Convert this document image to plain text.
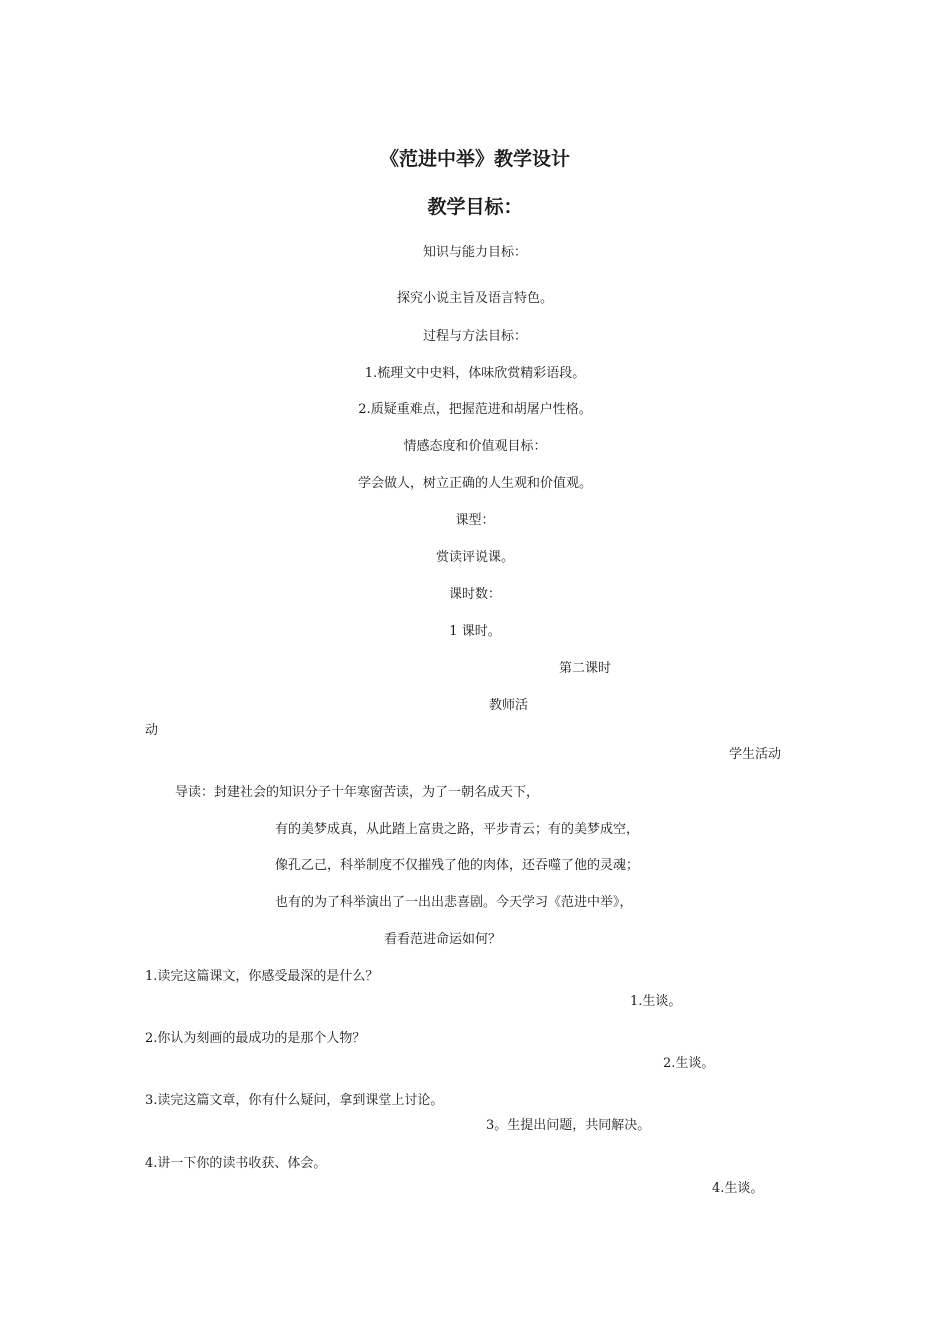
《范进中举》教学设计
教学目标：
知识与能力目标：
探究小说主旨及语言特色。
过程与方法目标：
1.梳理文中史料，体味欣赏精彩语段。
2.质疑重难点，把握范进和胡屠户性格。
情感态度和价值观目标：
学会做人，树立正确的人生观和价值观。
课型：
赏读评说课。
课时数：
1 课时。
第二课时
教师活
动
学生活动
导读：封建社会的知识分子十年寒窗苦读，为了一朝名成天下，
有的美梦成真，从此踏上富贵之路，平步青云；有的美梦成空，
像孔乙己，科举制度不仅摧残了他的肉体，还吞噬了他的灵魂；
也有的为了科举演出了一出出悲喜剧。今天学习《范进中举》，
看看范进命运如何？
1.读完这篇课文，你感受最深的是什么？
1.生谈。
2.你认为刻画的最成功的是那个人物？
2.生谈。
3.读完这篇文章，你有什么疑问，拿到课堂上讨论。
3。生提出问题，共同解决。
4.讲一下你的读书收获、体会。
4.生谈。
